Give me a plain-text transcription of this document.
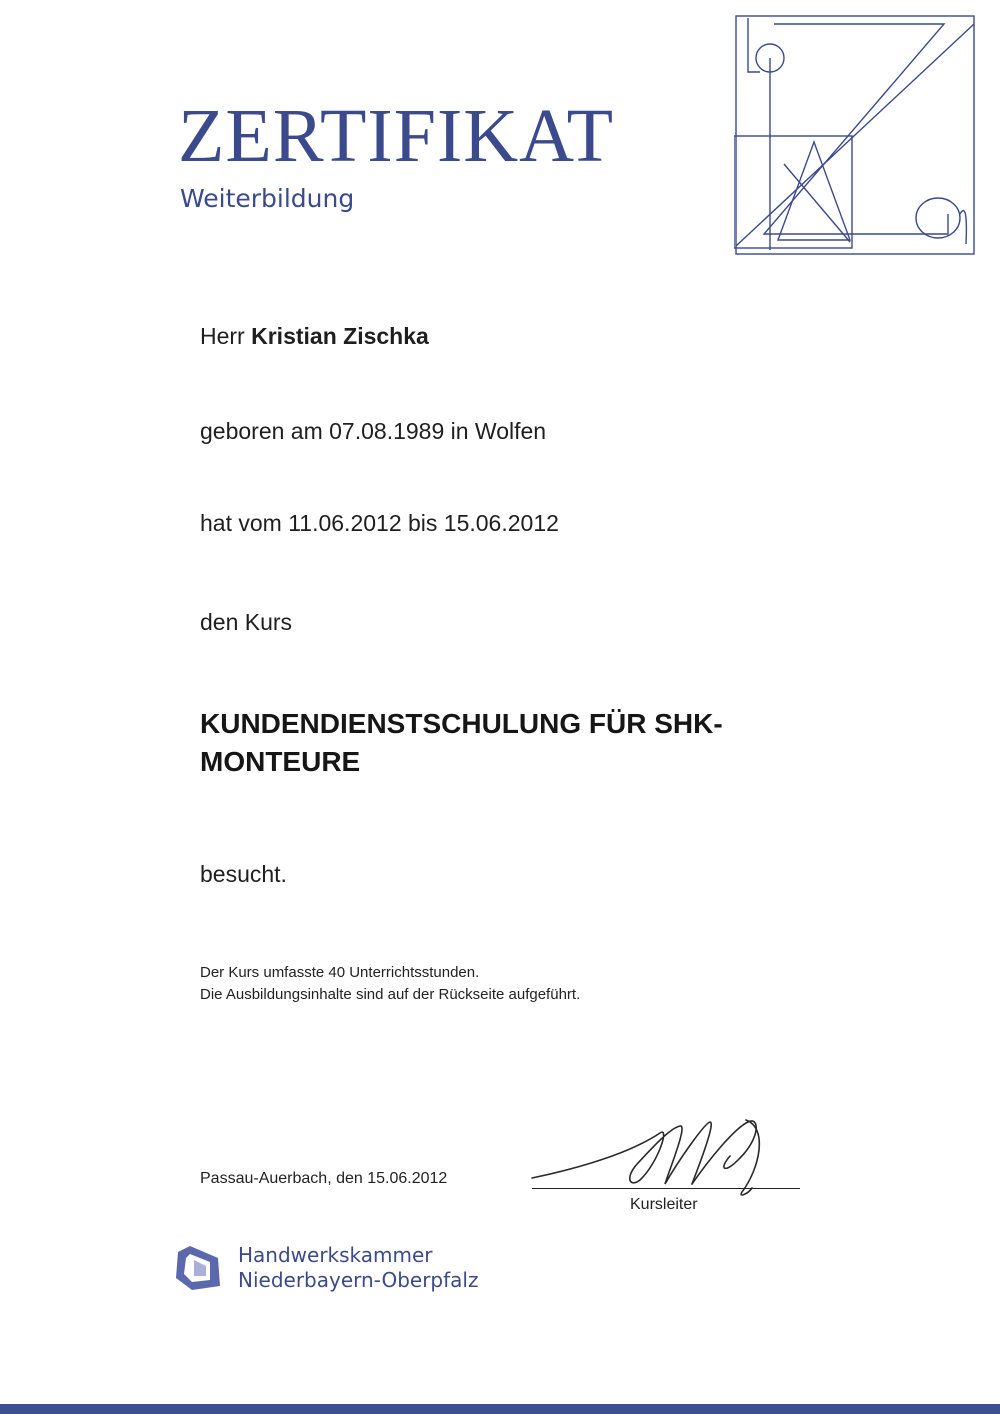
ZERTIFIKAT
Weiterbildung
Herr Kristian Zischka
geboren am 07.08.1989 in Wolfen
hat vom 11.06.2012 bis 15.06.2012
den Kurs
KUNDENDIENSTSCHULUNG FÜR SHK-
MONTEURE
besucht.
Der Kurs umfasste 40 Unterrichtsstunden.
Die Ausbildungsinhalte sind auf der Rückseite aufgeführt.
Passau-Auerbach, den 15.06.2012
Kursleiter
Handwerkskammer
Niederbayern-Oberpfalz
